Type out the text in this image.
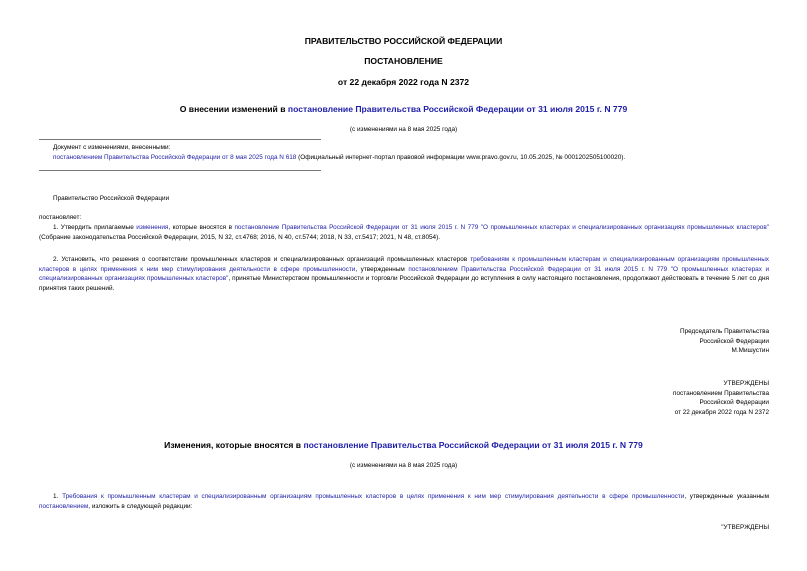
ПРАВИТЕЛЬСТВО РОССИЙСКОЙ ФЕДЕРАЦИИ
ПОСТАНОВЛЕНИЕ
от 22 декабря 2022 года N 2372
О внесении изменений в постановление Правительства Российской Федерации от 31 июля 2015 г. N 779
(с изменениями на 8 мая 2025 года)
Документ с изменениями, внесенными:
постановлением Правительства Российской Федерации от 8 мая 2025 года N 618 (Официальный интернет-портал правовой информации www.pravo.gov.ru, 10.05.2025, № 0001202505100020).
Правительство Российской Федерации
постановляет:
1. Утвердить прилагаемые изменения, которые вносятся в постановление Правительства Российской Федерации от 31 июля 2015 г. N 779 "О промышленных кластерах и специализированных организациях промышленных кластеров" (Собрание законодательства Российской Федерации, 2015, N 32, ст.4768; 2016, N 40, ст.5744; 2018, N 33, ст.5417; 2021, N 48, ст.8054).
2. Установить, что решения о соответствии промышленных кластеров и специализированных организаций промышленных кластеров требованиям к промышленным кластерам и специализированным организациям промышленных кластеров в целях применения к ним мер стимулирования деятельности в сфере промышленности, утвержденным постановлением Правительства Российской Федерации от 31 июля 2015 г. N 779 "О промышленных кластерах и специализированных организациях промышленных кластеров", принятые Министерством промышленности и торговли Российской Федерации до вступления в силу настоящего постановления, продолжают действовать в течение 5 лет со дня принятия таких решений.
Председатель Правительства
Российской Федерации
М.Мишустин
УТВЕРЖДЕНЫ
постановлением Правительства
Российской Федерации
от 22 декабря 2022 года N 2372
Изменения, которые вносятся в постановление Правительства Российской Федерации от 31 июля 2015 г. N 779
(с изменениями на 8 мая 2025 года)
1. Требования к промышленным кластерам и специализированным организациям промышленных кластеров в целях применения к ним мер стимулирования деятельности в сфере промышленности, утвержденные указанным постановлением, изложить в следующей редакции:
"УТВЕРЖДЕНЫ
